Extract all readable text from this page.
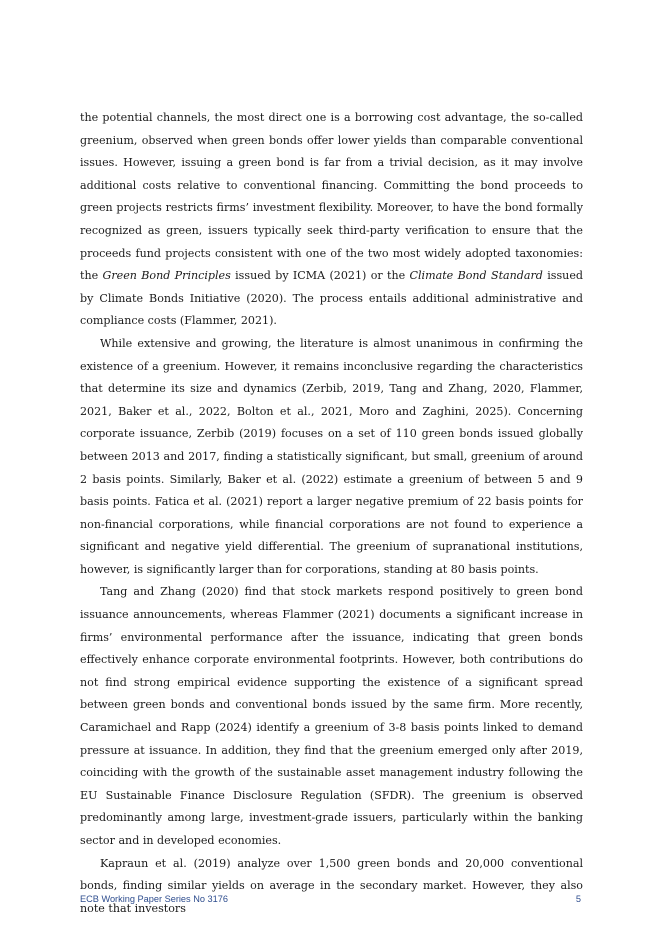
the potential channels, the most direct one is a borrowing cost advantage, the so-called greenium, observed when green bonds offer lower yields than comparable conventional issues. However, issuing a green bond is far from a trivial decision, as it may involve additional costs relative to conventional financing. Committing the bond proceeds to green projects restricts firms’ investment flexibility. Moreover, to have the bond formally recognized as green, issuers typically seek third-party verification to ensure that the proceeds fund projects consistent with one of the two most widely adopted taxonomies: the Green Bond Principles issued by ICMA (2021) or the Climate Bond Standard issued by Climate Bonds Initiative (2020). The process entails additional administrative and compliance costs (Flammer, 2021).

While extensive and growing, the literature is almost unanimous in confirming the existence of a greenium. However, it remains inconclusive regarding the characteristics that determine its size and dynamics (Zerbib, 2019, Tang and Zhang, 2020, Flammer, 2021, Baker et al., 2022, Bolton et al., 2021, Moro and Zaghini, 2025). Concerning corporate issuance, Zerbib (2019) focuses on a set of 110 green bonds issued globally between 2013 and 2017, finding a statistically significant, but small, greenium of around 2 basis points. Similarly, Baker et al. (2022) estimate a greenium of between 5 and 9 basis points. Fatica et al. (2021) report a larger negative premium of 22 basis points for non-financial corporations, while financial corporations are not found to experience a significant and negative yield differential. The greenium of supranational institutions, however, is significantly larger than for corporations, standing at 80 basis points.

Tang and Zhang (2020) find that stock markets respond positively to green bond issuance announcements, whereas Flammer (2021) documents a significant increase in firms’ environmental performance after the issuance, indicating that green bonds effectively enhance corporate environmental footprints. However, both contributions do not find strong empirical evidence supporting the existence of a significant spread between green bonds and conventional bonds issued by the same firm. More recently, Caramichael and Rapp (2024) identify a greenium of 3-8 basis points linked to demand pressure at issuance. In addition, they find that the greenium emerged only after 2019, coinciding with the growth of the sustainable asset management industry following the EU Sustainable Finance Disclosure Regulation (SFDR). The greenium is observed predominantly among large, investment-grade issuers, particularly within the banking sector and in developed economies.

Kapraun et al. (2019) analyze over 1,500 green bonds and 20,000 conventional bonds, finding similar yields on average in the secondary market. However, they also note that investors

ECB Working Paper Series No 3176	5
